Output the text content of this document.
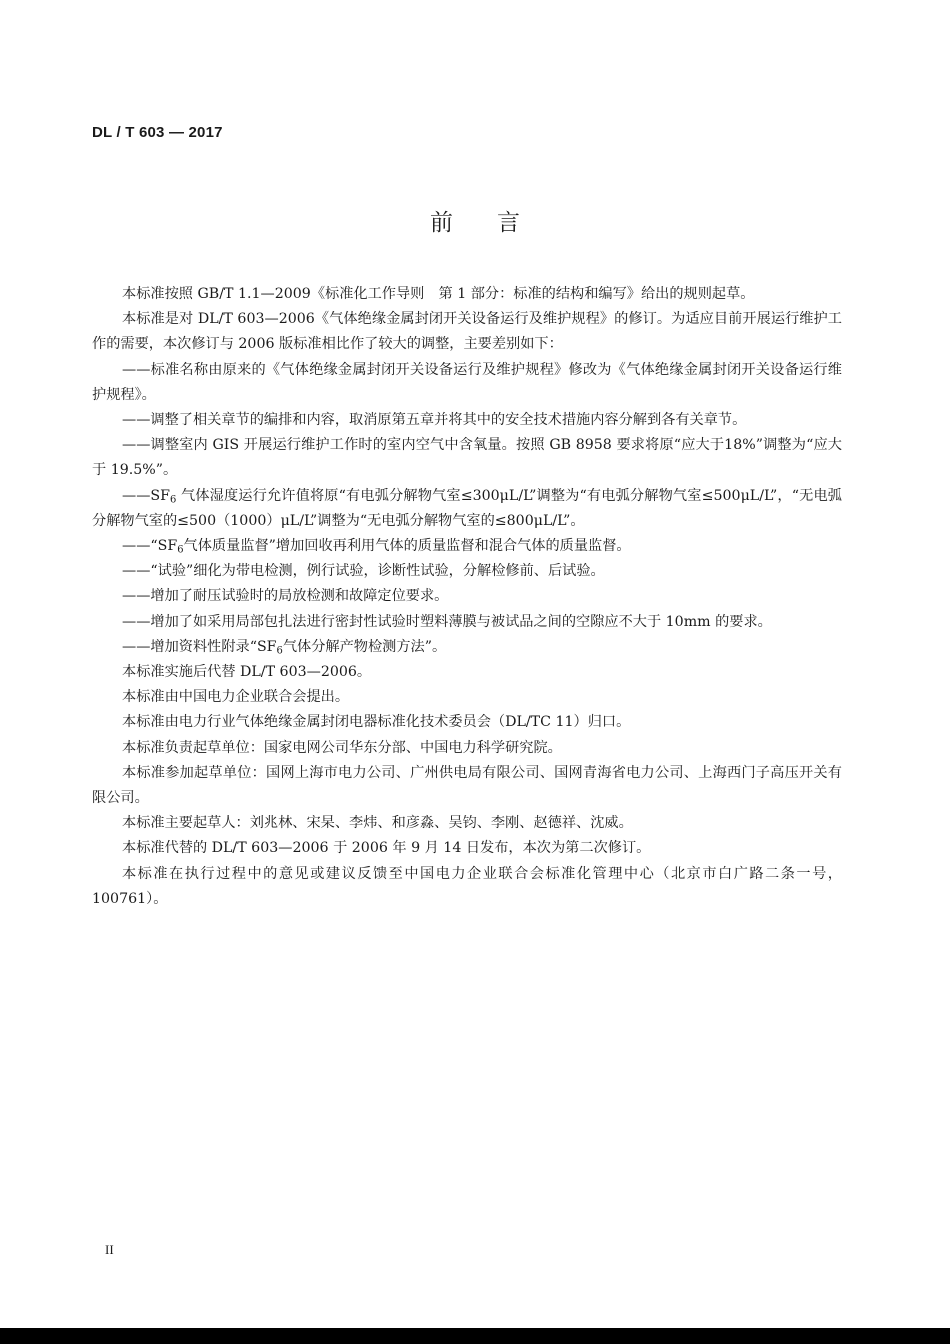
DL / T 603 — 2017
前言

本标准按照 GB/T 1.1—2009《标准化工作导则　第 1 部分：标准的结构和编写》给出的规则起草。

本标准是对 DL/T 603—2006《气体绝缘金属封闭开关设备运行及维护规程》的修订。为适应目前开展运行维护工作的需要，本次修订与 2006 版标准相比作了较大的调整，主要差别如下：

——标准名称由原来的《气体绝缘金属封闭开关设备运行及维护规程》修改为《气体绝缘金属封闭开关设备运行维护规程》。

——调整了相关章节的编排和内容，取消原第五章并将其中的安全技术措施内容分解到各有关章节。

——调整室内 GIS 开展运行维护工作时的室内空气中含氧量。按照 GB 8958 要求将原“应大于18%”调整为“应大于 19.5%”。

$——SF_6$ 气体湿度运行允许值将原“有电弧分解物气室≤300μL/L”调整为“有电弧分解物气室≤500μL/L”，“无电弧分解物气室的≤500（1000）μL/L”调整为“无电弧分解物气室的≤800μL/L”。

$——“SF_6$气体质量监督”增加回收再利用气体的质量监督和混合气体的质量监督。

——“试验”细化为带电检测，例行试验，诊断性试验，分解检修前、后试验。

——增加了耐压试验时的局放检测和故障定位要求。

——增加了如采用局部包扎法进行密封性试验时塑料薄膜与被试品之间的空隙应不大于 10mm 的要求。

——增加资料性附录“$SF_6$气体分解产物检测方法”。

本标准实施后代替 DL/T 603—2006。

本标准由中国电力企业联合会提出。

本标准由电力行业气体绝缘金属封闭电器标准化技术委员会（DL/TC 11）归口。

本标准负责起草单位：国家电网公司华东分部、中国电力科学研究院。

本标准参加起草单位：国网上海市电力公司、广州供电局有限公司、国网青海省电力公司、上海西门子高压开关有限公司。

本标准主要起草人：刘兆林、宋杲、李炜、和彦淼、吴钧、李刚、赵德祥、沈威。

本标准代替的 DL/T 603—2006 于 2006 年 9 月 14 日发布，本次为第二次修订。

本标准在执行过程中的意见或建议反馈至中国电力企业联合会标准化管理中心（北京市白广路二条一号，100761）。

II
